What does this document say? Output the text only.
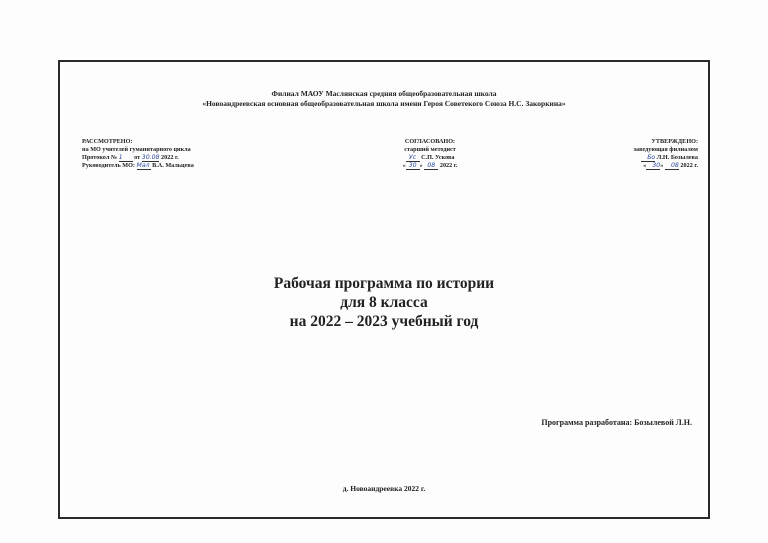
Филиал МАОУ Маслянская средняя общеобразовательная школа
«Новоандреевская основная общеобразовательная школа имени Героя Советекого Союза Н.С. Закоркина»
РАССМОТРЕНО:
на МО учителей гуманитарного цикла
Протокол № 1 от 30.08 2022 г.
Руководитель МО: Мал В.А. Мальцева
СОГЛАСОВАНО:
старший методист
Ус С.П. Ускова
« 30 » 08 2022 г.
УТВЕРЖДЕНО:
заведующая филиалом
Бо Л.Н. Бозылева
« 30» 08 2022 г.
Рабочая программа по истории
для 8 класса
на 2022 – 2023 учебный год
Программа разработана: Бозылевой Л.Н.
д. Новоандреевка 2022 г.
